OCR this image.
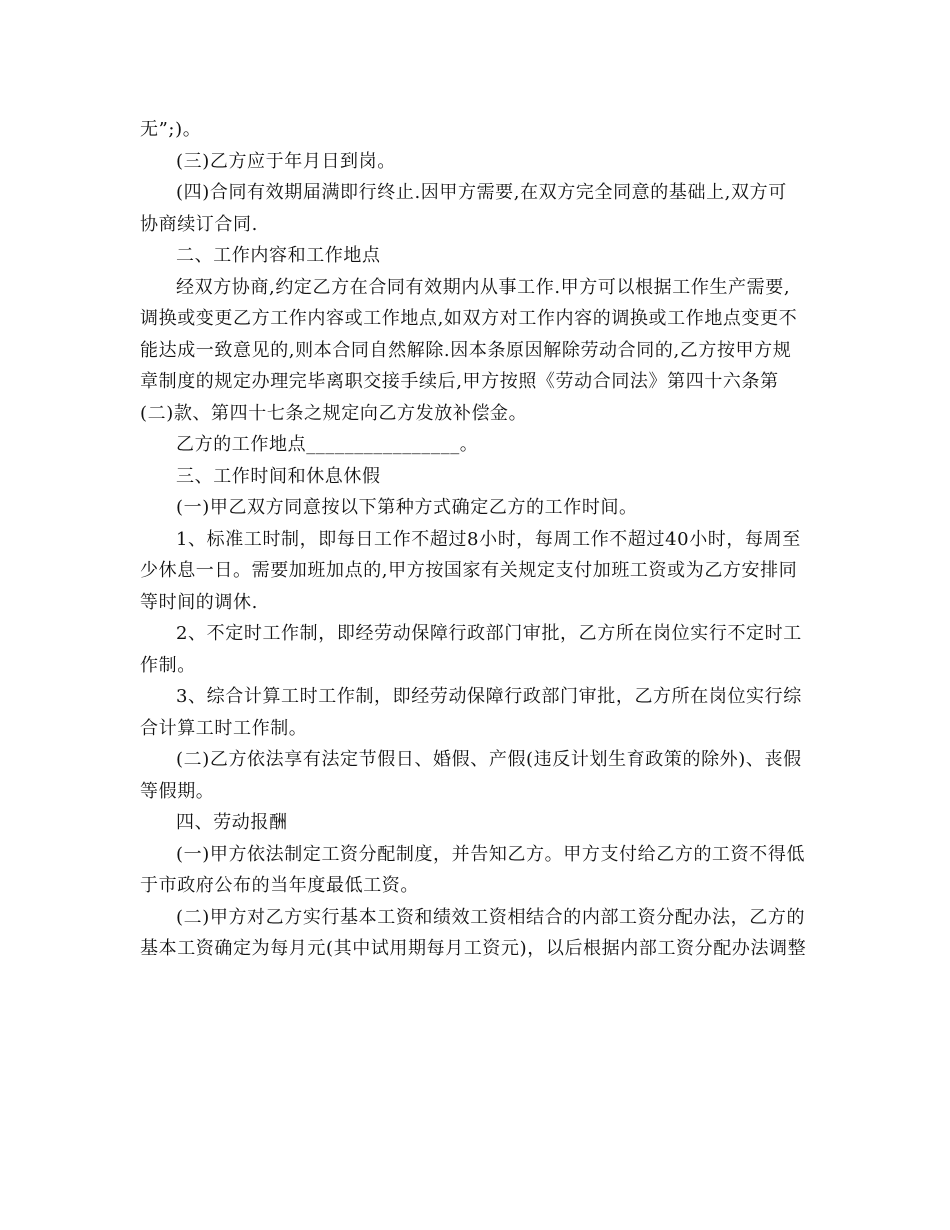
无”;)。

(三)乙方应于年月日到岗。

(四)合同有效期届满即行终止.因甲方需要,在双方完全同意的基础上,双方可

协商续订合同.

二、工作内容和工作地点

经双方协商,约定乙方在合同有效期内从事工作.甲方可以根据工作生产需要,

调换或变更乙方工作内容或工作地点,如双方对工作内容的调换或工作地点变更不

能达成一致意见的,则本合同自然解除.因本条原因解除劳动合同的,乙方按甲方规

章制度的规定办理完毕离职交接手续后,甲方按照《劳动合同法》第四十六条第

(二)款、第四十七条之规定向乙方发放补偿金。

乙方的工作地点________________。

三、工作时间和休息休假

(一)甲乙双方同意按以下第种方式确定乙方的工作时间。

1、标准工时制，即每日工作不超过8小时，每周工作不超过40小时，每周至

少休息一日。需要加班加点的,甲方按国家有关规定支付加班工资或为乙方安排同

等时间的调休.

2、不定时工作制，即经劳动保障行政部门审批，乙方所在岗位实行不定时工

作制。

3、综合计算工时工作制，即经劳动保障行政部门审批，乙方所在岗位实行综

合计算工时工作制。

(二)乙方依法享有法定节假日、婚假、产假(违反计划生育政策的除外)、丧假

等假期。

四、劳动报酬

(一)甲方依法制定工资分配制度，并告知乙方。甲方支付给乙方的工资不得低

于市政府公布的当年度最低工资。

(二)甲方对乙方实行基本工资和绩效工资相结合的内部工资分配办法，乙方的

基本工资确定为每月元(其中试用期每月工资元)，以后根据内部工资分配办法调整
